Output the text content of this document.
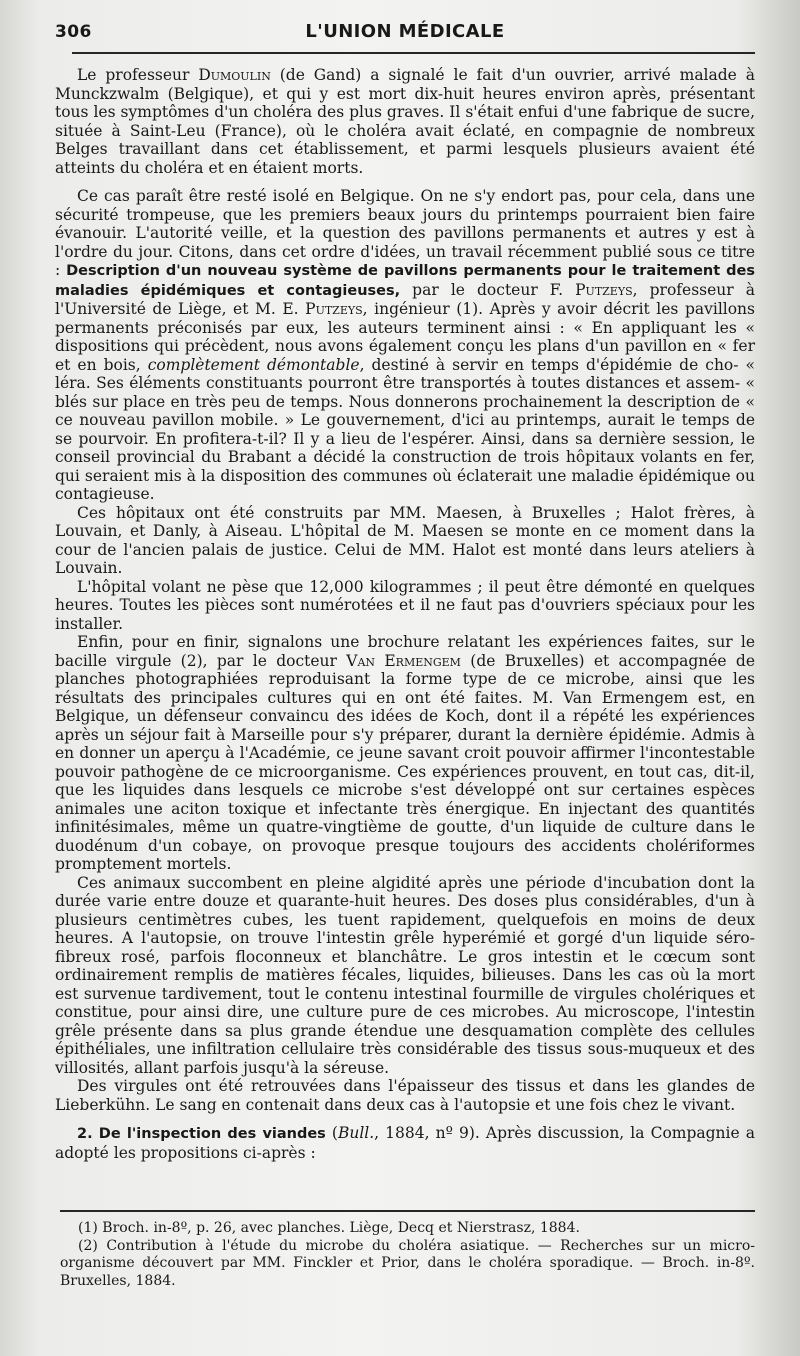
306	L'UNION MÉDICALE

Le professeur Dumoulin (de Gand) a signalé le fait d'un ouvrier, arrivé malade à Munckzwalm (Belgique), et qui y est mort dix-huit heures environ après, présentant tous les symptômes d'un choléra des plus graves. Il s'était enfui d'une fabrique de sucre, située à Saint-Leu (France), où le choléra avait éclaté, en compagnie de nombreux Belges travaillant dans cet établissement, et parmi lesquels plusieurs avaient été atteints du choléra et en étaient morts.

Ce cas paraît être resté isolé en Belgique. On ne s'y endort pas, pour cela, dans une sécurité trompeuse, que les premiers beaux jours du printemps pourraient bien faire évanouir. L'autorité veille, et la question des pavillons permanents et autres y est à l'ordre du jour. Citons, dans cet ordre d'idées, un travail récemment publié sous ce titre : Description d'un nouveau système de pavillons permanents pour le traitement des maladies épidémiques et contagieuses, par le docteur F. Putzeys, professeur à l'Université de Liège, et M. E. Putzeys, ingénieur (1). Après y avoir décrit les pavillons permanents préconisés par eux, les auteurs terminent ainsi : « En appliquant les « dispositions qui précèdent, nous avons également conçu les plans d'un pavillon en « fer et en bois, complètement démontable, destiné à servir en temps d'épidémie de cho- « léra. Ses éléments constituants pourront être transportés à toutes distances et assem- « blés sur place en très peu de temps. Nous donnerons prochainement la description de « ce nouveau pavillon mobile. » Le gouvernement, d'ici au printemps, aurait le temps de se pourvoir. En profitera-t-il? Il y a lieu de l'espérer. Ainsi, dans sa dernière session, le conseil provincial du Brabant a décidé la construction de trois hôpitaux volants en fer, qui seraient mis à la disposition des communes où éclaterait une maladie épidémique ou contagieuse.

Ces hôpitaux ont été construits par MM. Maesen, à Bruxelles ; Halot frères, à Louvain, et Danly, à Aiseau. L'hôpital de M. Maesen se monte en ce moment dans la cour de l'ancien palais de justice. Celui de MM. Halot est monté dans leurs ateliers à Louvain.

L'hôpital volant ne pèse que 12,000 kilogrammes ; il peut être démonté en quelques heures. Toutes les pièces sont numérotées et il ne faut pas d'ouvriers spéciaux pour les installer.

Enfin, pour en finir, signalons une brochure relatant les expériences faites, sur le bacille virgule (2), par le docteur Van Ermengem (de Bruxelles) et accompagnée de planches photographiées reproduisant la forme type de ce microbe, ainsi que les résultats des principales cultures qui en ont été faites. M. Van Ermengem est, en Belgique, un défenseur convaincu des idées de Koch, dont il a répété les expériences après un séjour fait à Marseille pour s'y préparer, durant la dernière épidémie. Admis à en donner un aperçu à l'Académie, ce jeune savant croit pouvoir affirmer l'incontestable pouvoir pathogène de ce microorganisme. Ces expériences prouvent, en tout cas, dit-il, que les liquides dans lesquels ce microbe s'est développé ont sur certaines espèces animales une aciton toxique et infectante très énergique. En injectant des quantités infinitésimales, même un quatre-vingtième de goutte, d'un liquide de culture dans le duodénum d'un cobaye, on provoque presque toujours des accidents cholériformes promptement mortels.

Ces animaux succombent en pleine algidité après une période d'incubation dont la durée varie entre douze et quarante-huit heures. Des doses plus considérables, d'un à plusieurs centimètres cubes, les tuent rapidement, quelquefois en moins de deux heures. A l'autopsie, on trouve l'intestin grêle hyperémié et gorgé d'un liquide séro-fibreux rosé, parfois floconneux et blanchâtre. Le gros intestin et le cœcum sont ordinairement remplis de matières fécales, liquides, bilieuses. Dans les cas où la mort est survenue tardivement, tout le contenu intestinal fourmille de virgules cholériques et constitue, pour ainsi dire, une culture pure de ces microbes. Au microscope, l'intestin grêle présente dans sa plus grande étendue une desquamation complète des cellules épithéliales, une infiltration cellulaire très considérable des tissus sous-muqueux et des villosités, allant parfois jusqu'à la séreuse.

Des virgules ont été retrouvées dans l'épaisseur des tissus et dans les glandes de Lieberkühn. Le sang en contenait dans deux cas à l'autopsie et une fois chez le vivant.

2. De l'inspection des viandes (Bull., 1884, nº 9). Après discussion, la Compagnie a adopté les propositions ci-après :

(1) Broch. in-8º, p. 26, avec planches. Liège, Decq et Nierstrasz, 1884.

(2) Contribution à l'étude du microbe du choléra asiatique. — Recherches sur un micro-organisme découvert par MM. Finckler et Prior, dans le choléra sporadique. — Broch. in-8º. Bruxelles, 1884.
